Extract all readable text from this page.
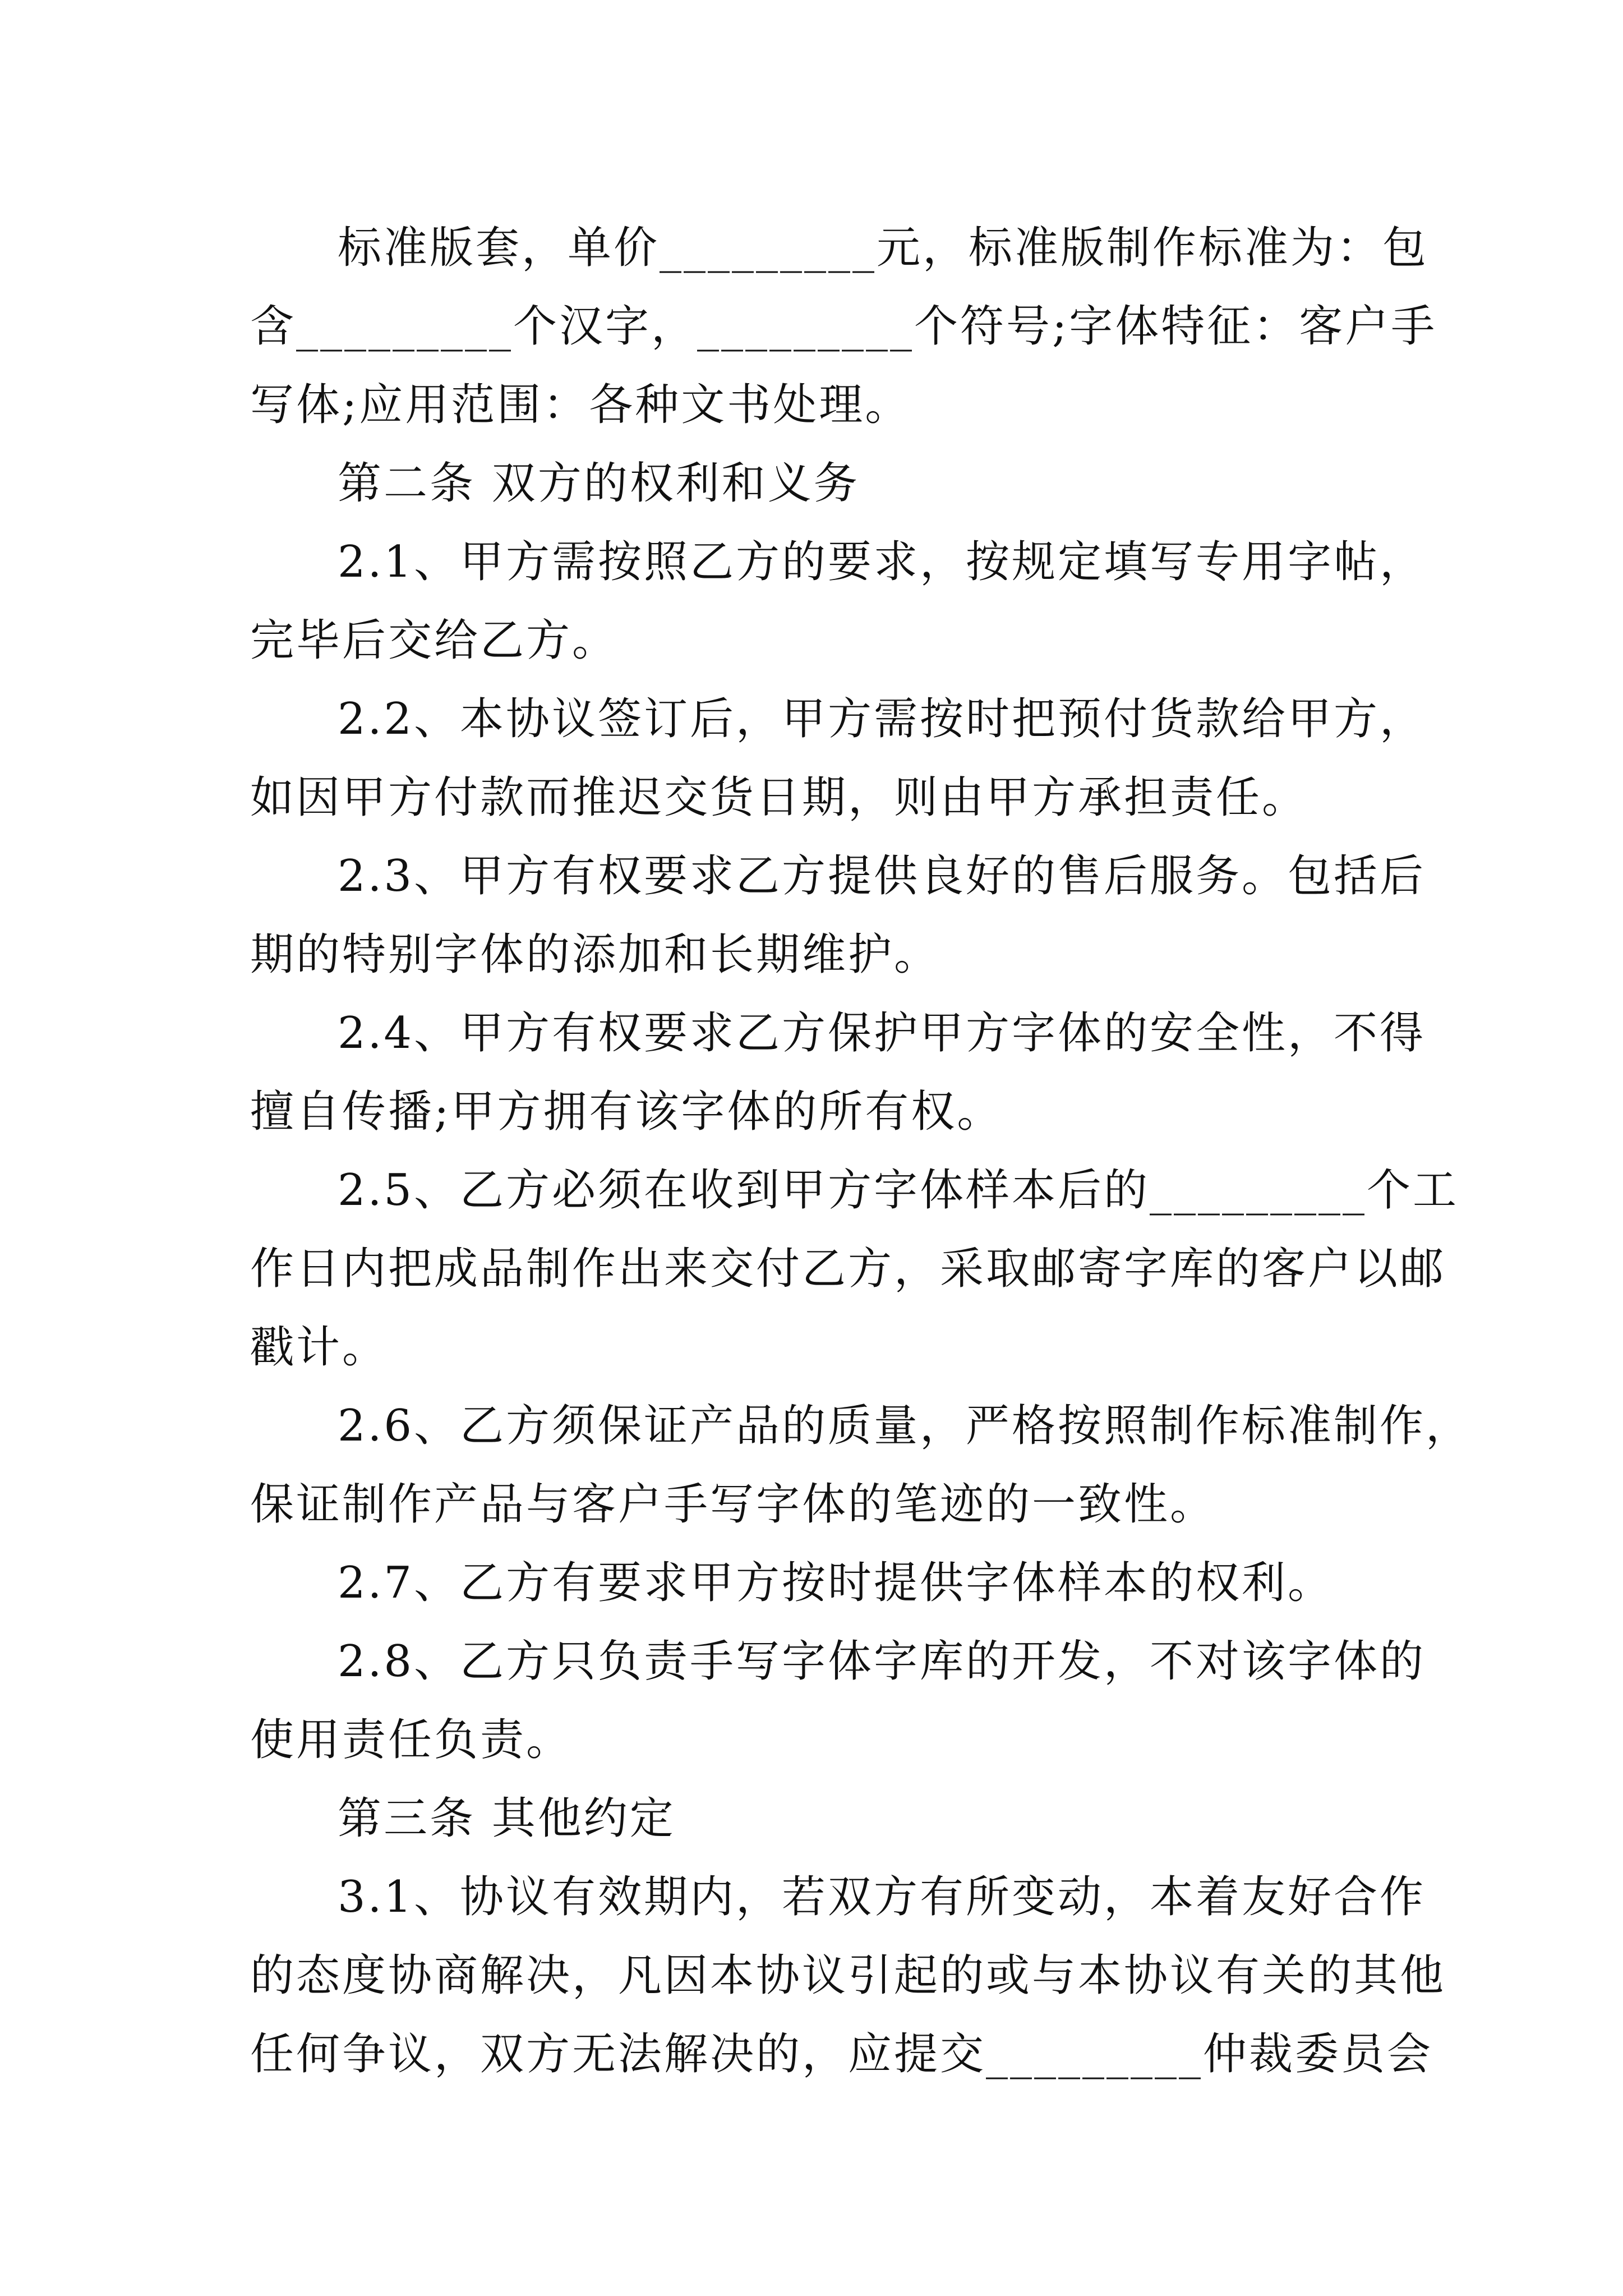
标准版套，单价_________元，标准版制作标准为：包
含_________个汉字，_________个符号;字体特征：客户手
写体;应用范围：各种文书处理。
第二条 双方的权利和义务
2.1、甲方需按照乙方的要求，按规定填写专用字帖，
完毕后交给乙方。
2.2、本协议签订后，甲方需按时把预付货款给甲方，
如因甲方付款而推迟交货日期，则由甲方承担责任。
2.3、甲方有权要求乙方提供良好的售后服务。包括后
期的特别字体的添加和长期维护。
2.4、甲方有权要求乙方保护甲方字体的安全性，不得
擅自传播;甲方拥有该字体的所有权。
2.5、乙方必须在收到甲方字体样本后的_________个工
作日内把成品制作出来交付乙方，采取邮寄字库的客户以邮
戳计。
2.6、乙方须保证产品的质量，严格按照制作标准制作，
保证制作产品与客户手写字体的笔迹的一致性。
2.7、乙方有要求甲方按时提供字体样本的权利。
2.8、乙方只负责手写字体字库的开发，不对该字体的
使用责任负责。
第三条 其他约定
3.1、协议有效期内，若双方有所变动，本着友好合作
的态度协商解决，凡因本协议引起的或与本协议有关的其他
任何争议，双方无法解决的，应提交_________仲裁委员会
